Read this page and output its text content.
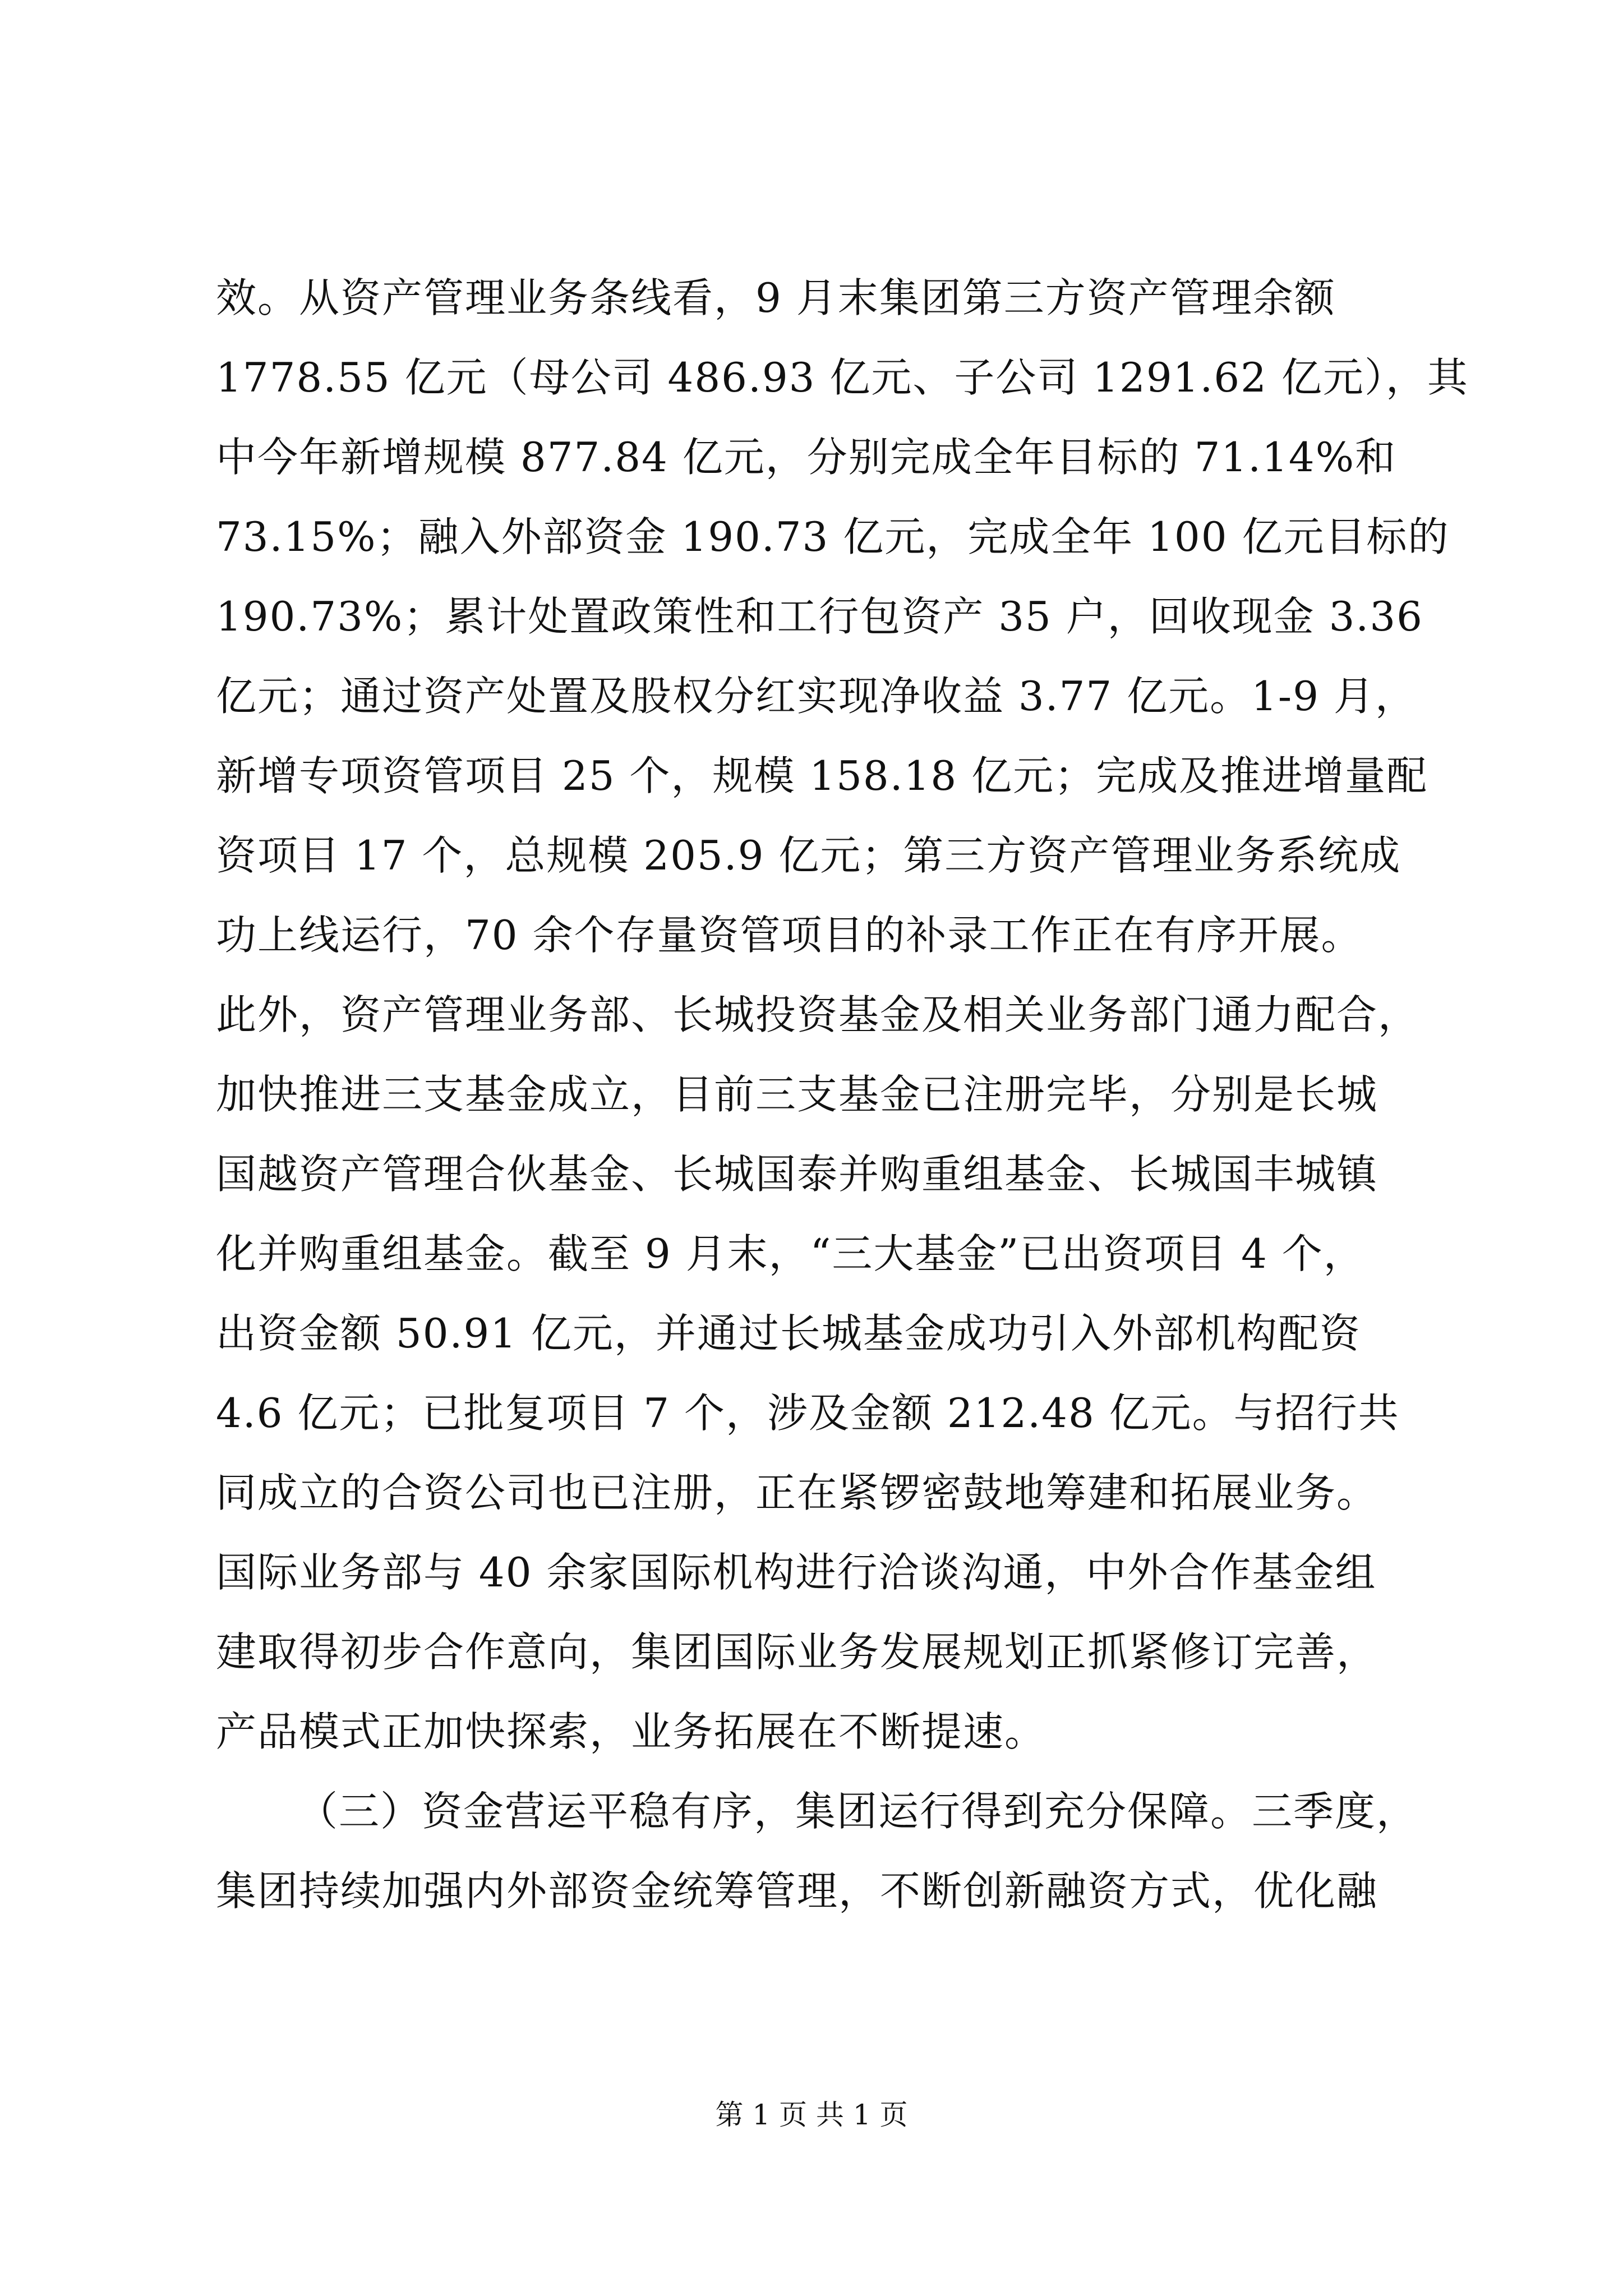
效。从资产管理业务条线看，9 月末集团第三方资产管理余额
1778.55 亿元（母公司 486.93 亿元、子公司 1291.62 亿元），其
中今年新增规模 877.84 亿元，分别完成全年目标的 71.14%和
73.15%；融入外部资金 190.73 亿元，完成全年 100 亿元目标的
190.73%；累计处置政策性和工行包资产 35 户，回收现金 3.36
亿元；通过资产处置及股权分红实现净收益 3.77 亿元。1-9 月，
新增专项资管项目 25 个，规模 158.18 亿元；完成及推进增量配
资项目 17 个，总规模 205.9 亿元；第三方资产管理业务系统成
功上线运行，70 余个存量资管项目的补录工作正在有序开展。
此外，资产管理业务部、长城投资基金及相关业务部门通力配合，
加快推进三支基金成立，目前三支基金已注册完毕，分别是长城
国越资产管理合伙基金、长城国泰并购重组基金、长城国丰城镇
化并购重组基金。截至 9 月末，“三大基金”已出资项目 4 个，
出资金额 50.91 亿元，并通过长城基金成功引入外部机构配资
4.6 亿元；已批复项目 7 个，涉及金额 212.48 亿元。与招行共
同成立的合资公司也已注册，正在紧锣密鼓地筹建和拓展业务。
国际业务部与 40 余家国际机构进行洽谈沟通，中外合作基金组
建取得初步合作意向，集团国际业务发展规划正抓紧修订完善，
产品模式正加快探索，业务拓展在不断提速。
（三）资金营运平稳有序，集团运行得到充分保障。三季度，
集团持续加强内外部资金统筹管理，不断创新融资方式，优化融
第 1 页 共 1 页
